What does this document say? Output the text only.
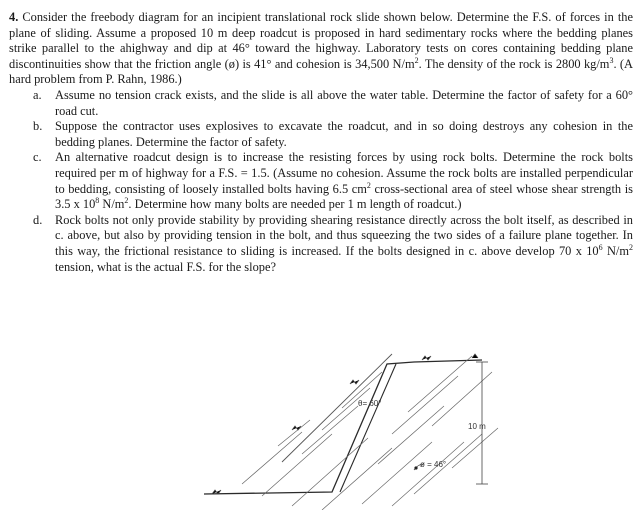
4. Consider the freebody diagram for an incipient translational rock slide shown below. Determine the F.S. of forces in the plane of sliding. Assume a proposed 10 m deep roadcut is proposed in hard sedimentary rocks where the bedding planes strike parallel to the ahighway and dip at 46° toward the highway. Laboratory tests on cores containing bedding plane discontinuities show that the friction angle (ø) is 41° and cohesion is 34,500 $N/m^2$. The density of the rock is 2800 $kg/m^3$. (A hard problem from P. Rahn, 1986.)

a. Assume no tension crack exists, and the slide is all above the water table. Determine the factor of safety for a 60° road cut.
b. Suppose the contractor uses explosives to excavate the roadcut, and in so doing destroys any cohesion in the bedding planes. Determine the factor of safety.
c. An alternative roadcut design is to increase the resisting forces by using rock bolts. Determine the rock bolts required per m of highway for a F.S. = 1.5. (Assume no cohesion. Assume the rock bolts are installed perpendicular to bedding, consisting of loosely installed bolts having 6.5 $cm^2$ cross-sectional area of steel whose shear strength is 3.5 x $10^8$ $N/m^2$. Determine how many bolts are needed per 1 m length of roadcut.)
d. Rock bolts not only provide stability by providing shearing resistance directly across the bolt itself, as described in c. above, but also by providing tension in the bolt, and thus squeezing the two sides of a failure plane together. In this way, the frictional resistance to sliding is increased. If the bolts designed in c. above develop 70 x $10^6$ $N/m^2$ tension, what is the actual F.S. for the slope?
10 m
θ= 60°
ø = 46°
